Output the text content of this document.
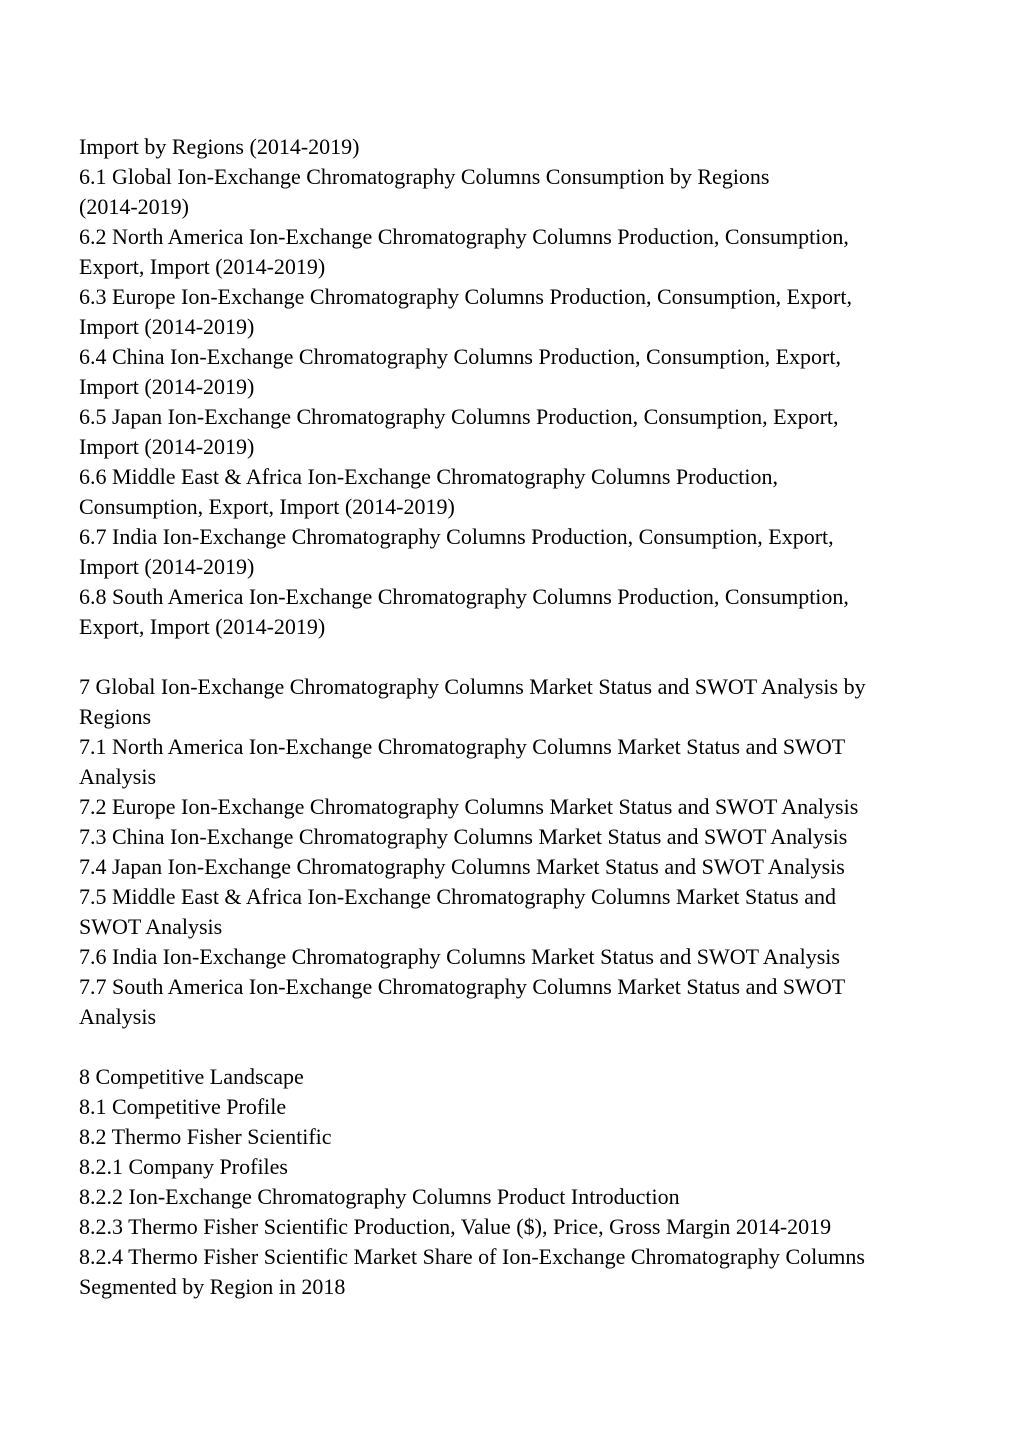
Import by Regions (2014-2019)
6.1 Global Ion-Exchange Chromatography Columns Consumption by Regions
(2014-2019)
6.2 North America Ion-Exchange Chromatography Columns Production, Consumption,
Export, Import (2014-2019)
6.3 Europe Ion-Exchange Chromatography Columns Production, Consumption, Export,
Import (2014-2019)
6.4 China Ion-Exchange Chromatography Columns Production, Consumption, Export,
Import (2014-2019)
6.5 Japan Ion-Exchange Chromatography Columns Production, Consumption, Export,
Import (2014-2019)
6.6 Middle East & Africa Ion-Exchange Chromatography Columns Production,
Consumption, Export, Import (2014-2019)
6.7 India Ion-Exchange Chromatography Columns Production, Consumption, Export,
Import (2014-2019)
6.8 South America Ion-Exchange Chromatography Columns Production, Consumption,
Export, Import (2014-2019)
7 Global Ion-Exchange Chromatography Columns Market Status and SWOT Analysis by
Regions
7.1 North America Ion-Exchange Chromatography Columns Market Status and SWOT
Analysis
7.2 Europe Ion-Exchange Chromatography Columns Market Status and SWOT Analysis
7.3 China Ion-Exchange Chromatography Columns Market Status and SWOT Analysis
7.4 Japan Ion-Exchange Chromatography Columns Market Status and SWOT Analysis
7.5 Middle East & Africa Ion-Exchange Chromatography Columns Market Status and
SWOT Analysis
7.6 India Ion-Exchange Chromatography Columns Market Status and SWOT Analysis
7.7 South America Ion-Exchange Chromatography Columns Market Status and SWOT
Analysis
8 Competitive Landscape
8.1 Competitive Profile
8.2 Thermo Fisher Scientific
8.2.1 Company Profiles
8.2.2 Ion-Exchange Chromatography Columns Product Introduction
8.2.3 Thermo Fisher Scientific Production, Value ($), Price, Gross Margin 2014-2019
8.2.4 Thermo Fisher Scientific Market Share of Ion-Exchange Chromatography Columns
Segmented by Region in 2018
